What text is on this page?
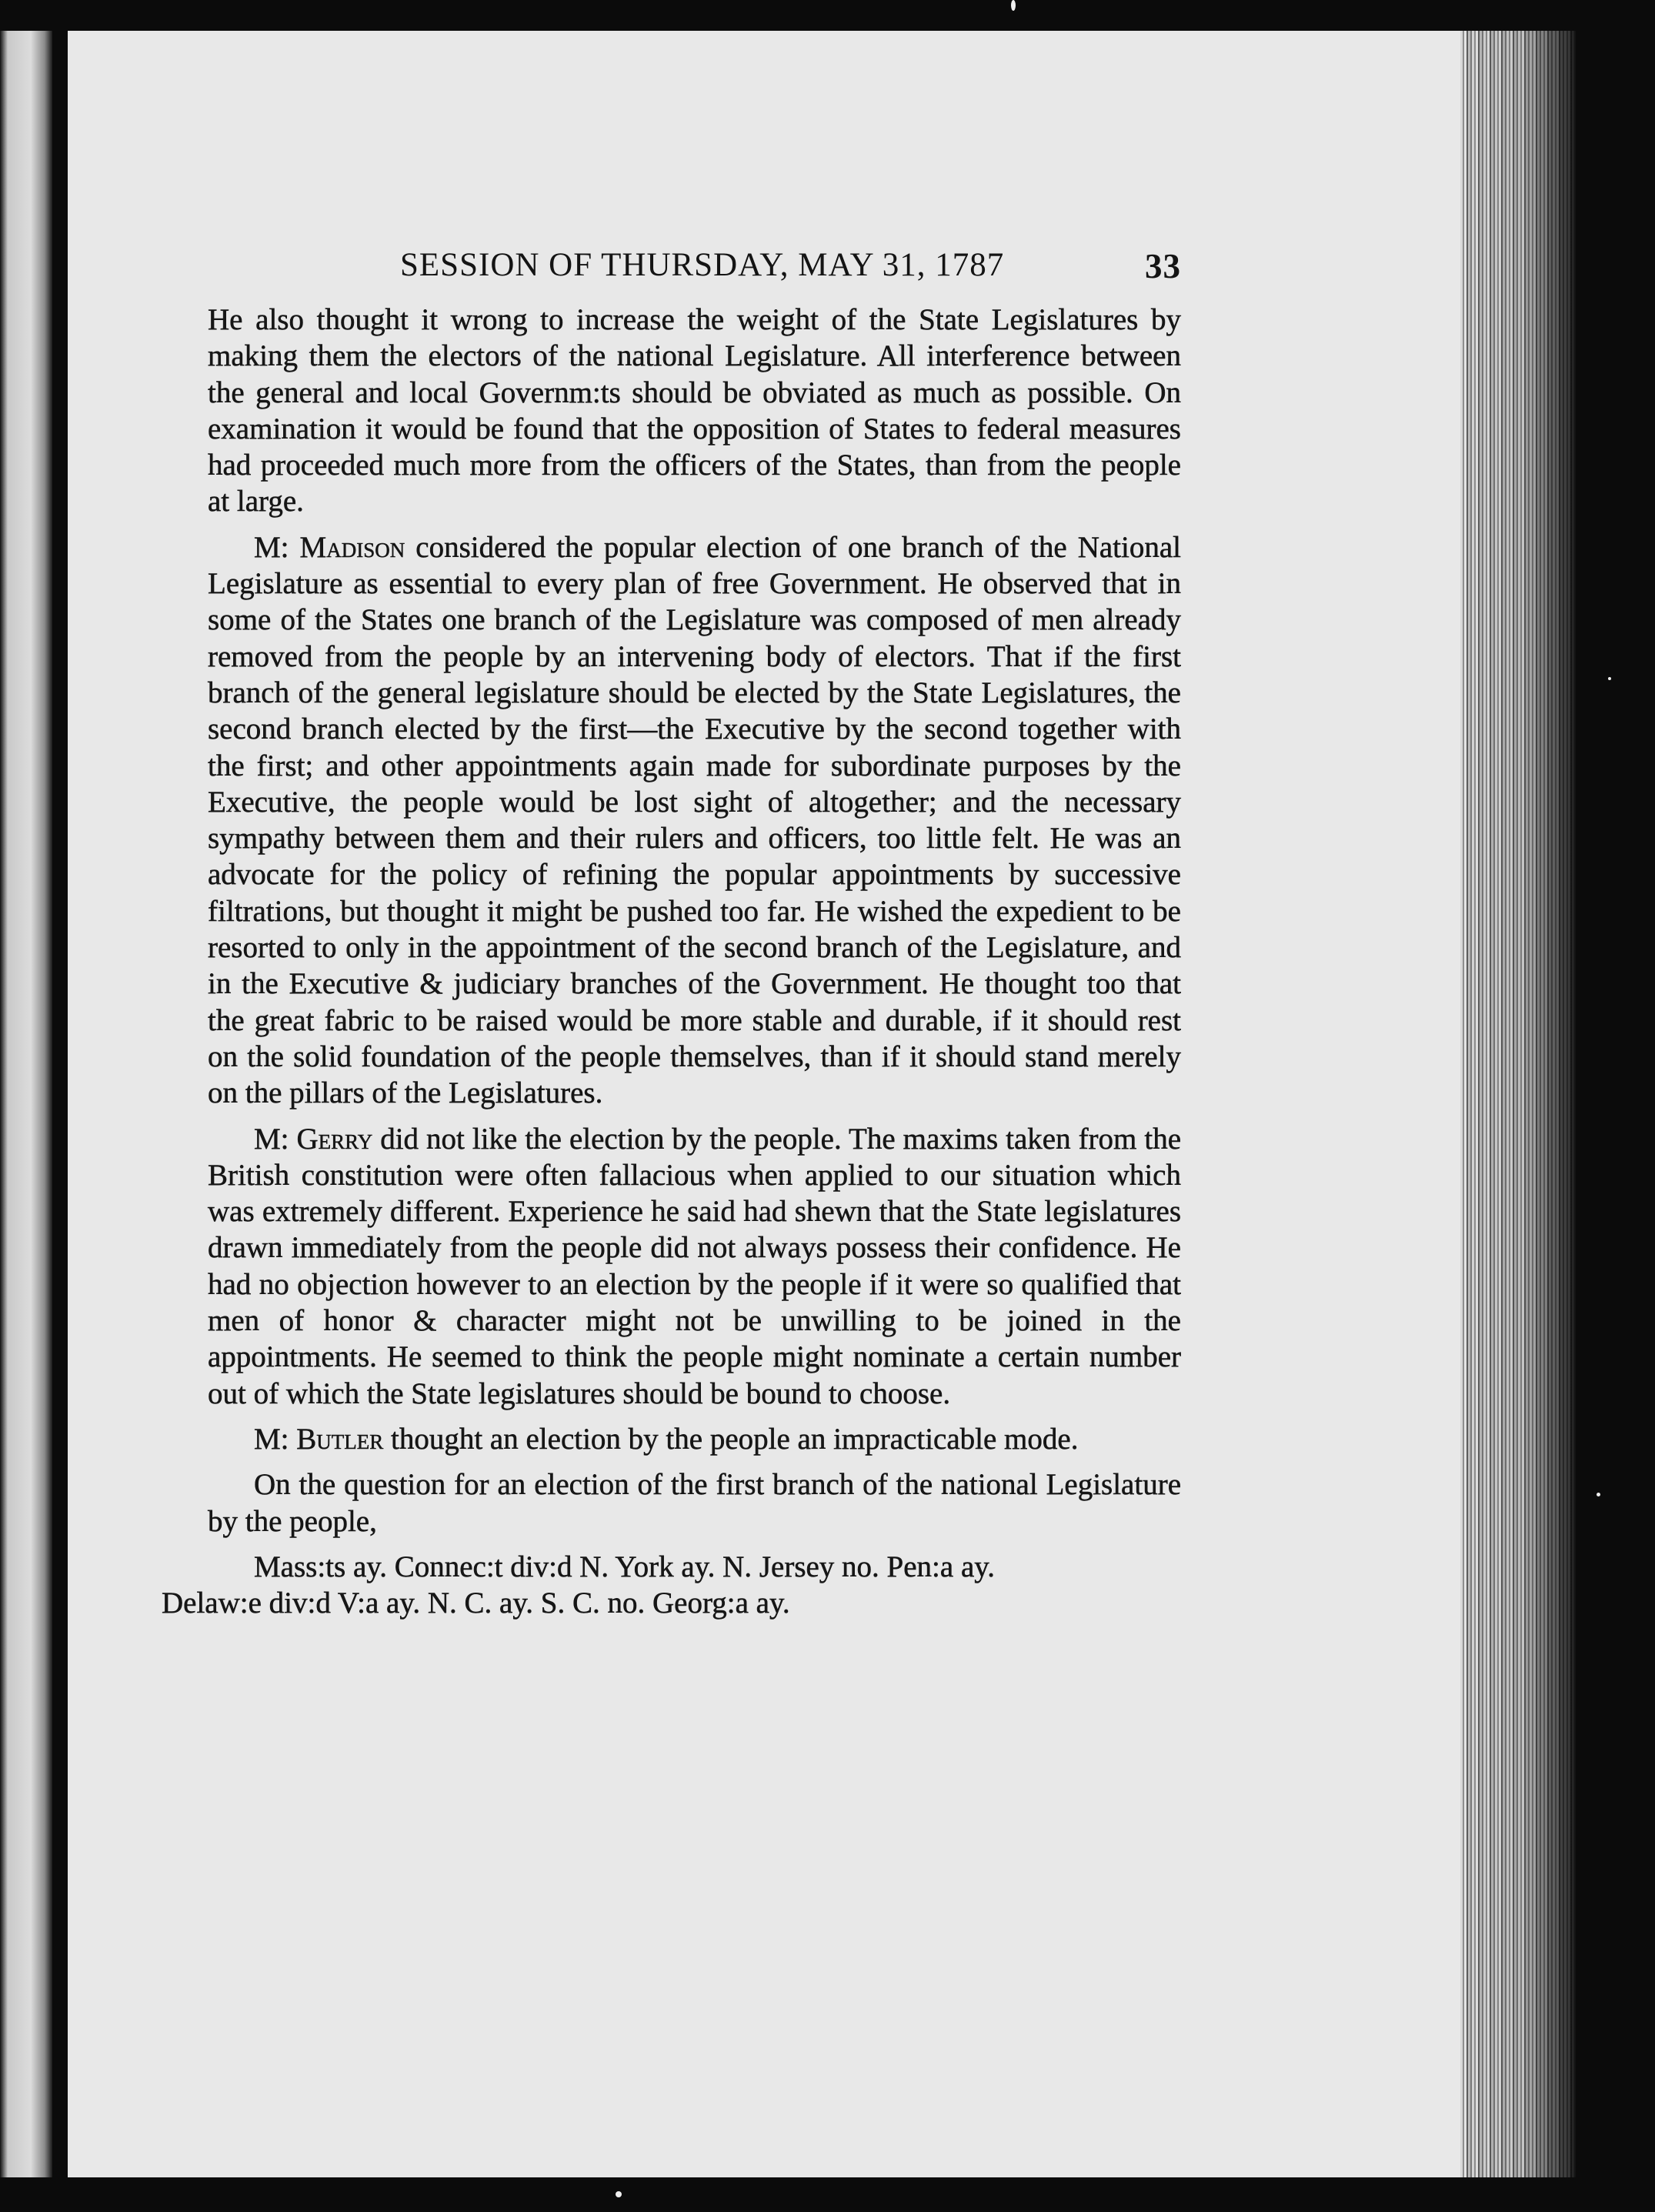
SESSION OF THURSDAY, MAY 31, 1787	33

He also thought it wrong to increase the weight of the State Legislatures by making them the electors of the national Legislature. All interference between the general and local Governm:ts should be obviated as much as possible. On examination it would be found that the opposition of States to federal measures had proceeded much more from the officers of the States, than from the people at large.

M: Madison considered the popular election of one branch of the National Legislature as essential to every plan of free Government. He observed that in some of the States one branch of the Legislature was composed of men already removed from the people by an intervening body of electors. That if the first branch of the general legislature should be elected by the State Legislatures, the second branch elected by the first—the Executive by the second together with the first; and other appointments again made for subordinate purposes by the Executive, the people would be lost sight of altogether; and the necessary sympathy between them and their rulers and officers, too little felt. He was an advocate for the policy of refining the popular appointments by successive filtrations, but thought it might be pushed too far. He wished the expedient to be resorted to only in the appointment of the second branch of the Legislature, and in the Executive & judiciary branches of the Government. He thought too that the great fabric to be raised would be more stable and durable, if it should rest on the solid foundation of the people themselves, than if it should stand merely on the pillars of the Legislatures.

M: Gerry did not like the election by the people. The maxims taken from the British constitution were often fallacious when applied to our situation which was extremely different. Experience he said had shewn that the State legislatures drawn immediately from the people did not always possess their confidence. He had no objection however to an election by the people if it were so qualified that men of honor & character might not be unwilling to be joined in the appointments. He seemed to think the people might nominate a certain number out of which the State legislatures should be bound to choose.

M: Butler thought an election by the people an impracticable mode.

On the question for an election of the first branch of the national Legislature by the people,

Mass:ts ay. Connec:t div:d N. York ay. N. Jersey no. Pen:a ay.
Delaw:e div:d V:a ay. N. C. ay. S. C. no. Georg:a ay.
